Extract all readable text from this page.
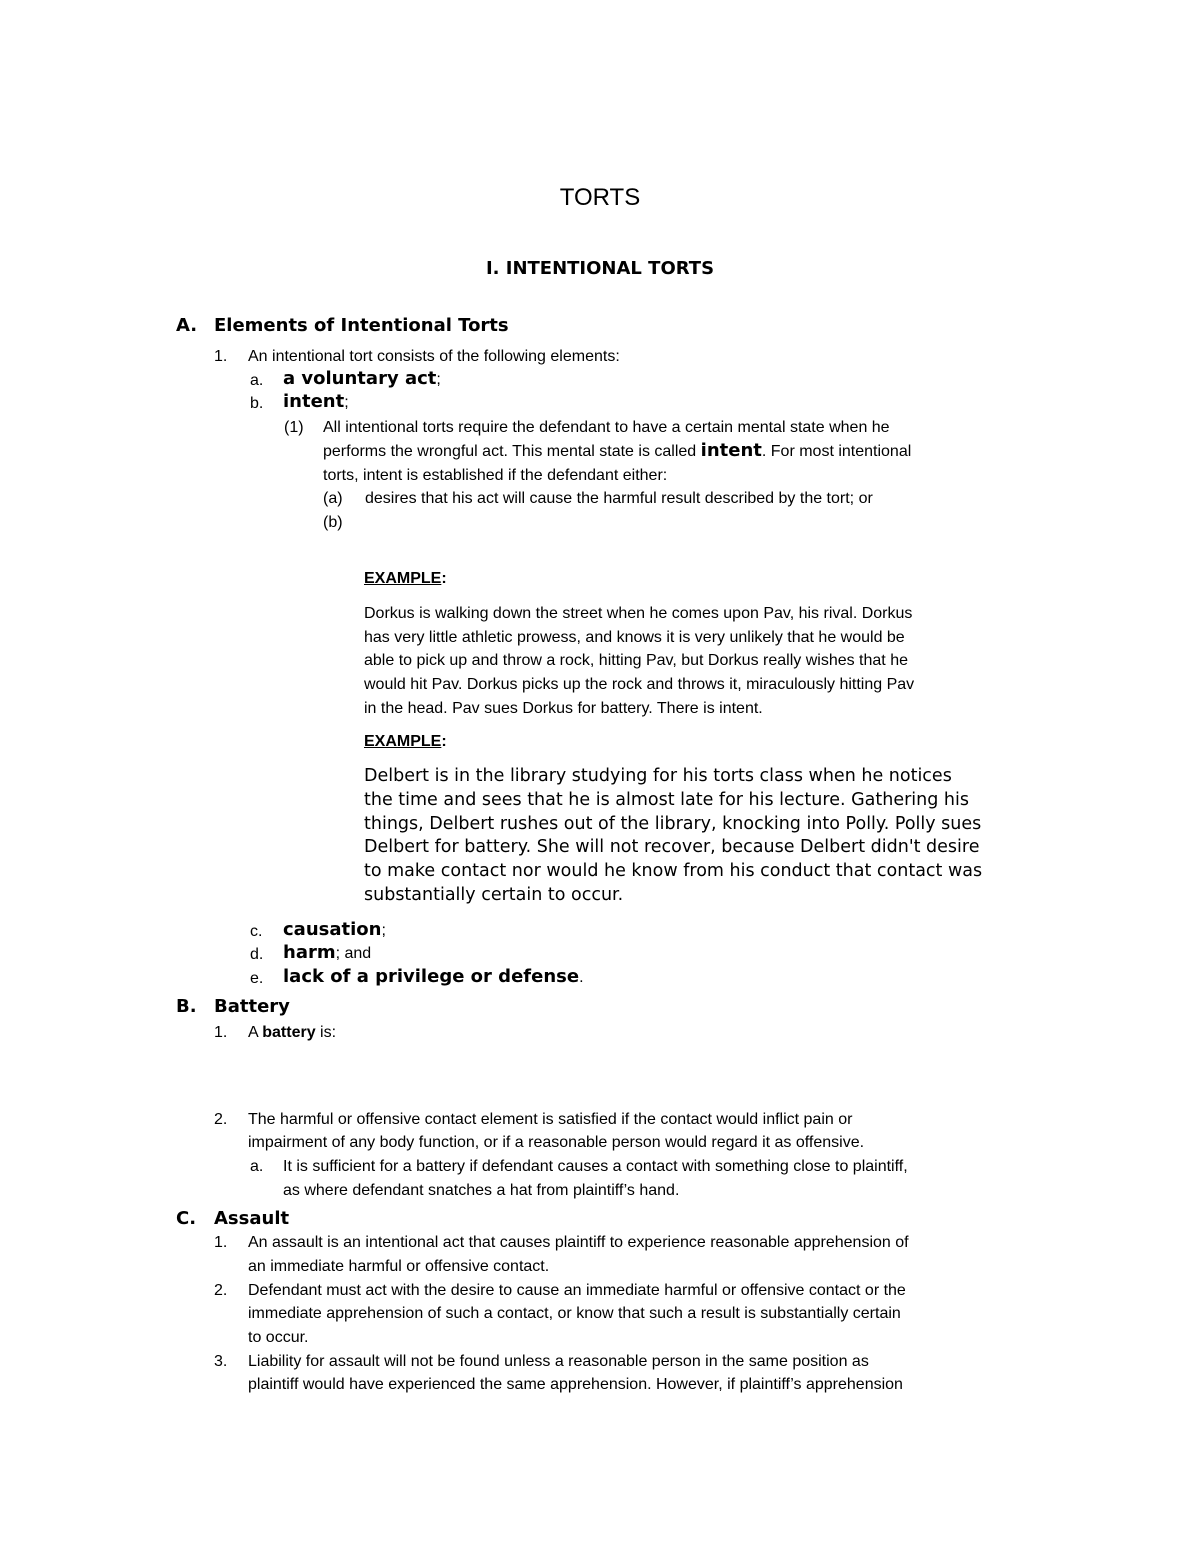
TORTS
I. INTENTIONAL TORTS
A. Elements of Intentional Torts
1. An intentional tort consists of the following elements:
a. a voluntary act;
b. intent;
(1) All intentional torts require the defendant to have a certain mental state when he
performs the wrongful act. This mental state is called intent. For most intentional
torts, intent is established if the defendant either:
(a) desires that his act will cause the harmful result described by the tort; or
(b)
EXAMPLE:
Dorkus is walking down the street when he comes upon Pav, his rival. Dorkus
has very little athletic prowess, and knows it is very unlikely that he would be
able to pick up and throw a rock, hitting Pav, but Dorkus really wishes that he
would hit Pav. Dorkus picks up the rock and throws it, miraculously hitting Pav
in the head. Pav sues Dorkus for battery. There is intent.
EXAMPLE:
Delbert is in the library studying for his torts class when he notices
the time and sees that he is almost late for his lecture. Gathering his
things, Delbert rushes out of the library, knocking into Polly. Polly sues
Delbert for battery. She will not recover, because Delbert didn't desire
to make contact nor would he know from his conduct that contact was
substantially certain to occur.
c. causation;
d. harm; and
e. lack of a privilege or defense.
B. Battery
1. A battery is:
2. The harmful or offensive contact element is satisfied if the contact would inflict pain or
impairment of any body function, or if a reasonable person would regard it as offensive.
a. It is sufficient for a battery if defendant causes a contact with something close to plaintiff,
as where defendant snatches a hat from plaintiff’s hand.
C. Assault
1. An assault is an intentional act that causes plaintiff to experience reasonable apprehension of
an immediate harmful or offensive contact.
2. Defendant must act with the desire to cause an immediate harmful or offensive contact or the
immediate apprehension of such a contact, or know that such a result is substantially certain
to occur.
3. Liability for assault will not be found unless a reasonable person in the same position as
plaintiff would have experienced the same apprehension. However, if plaintiff’s apprehension
